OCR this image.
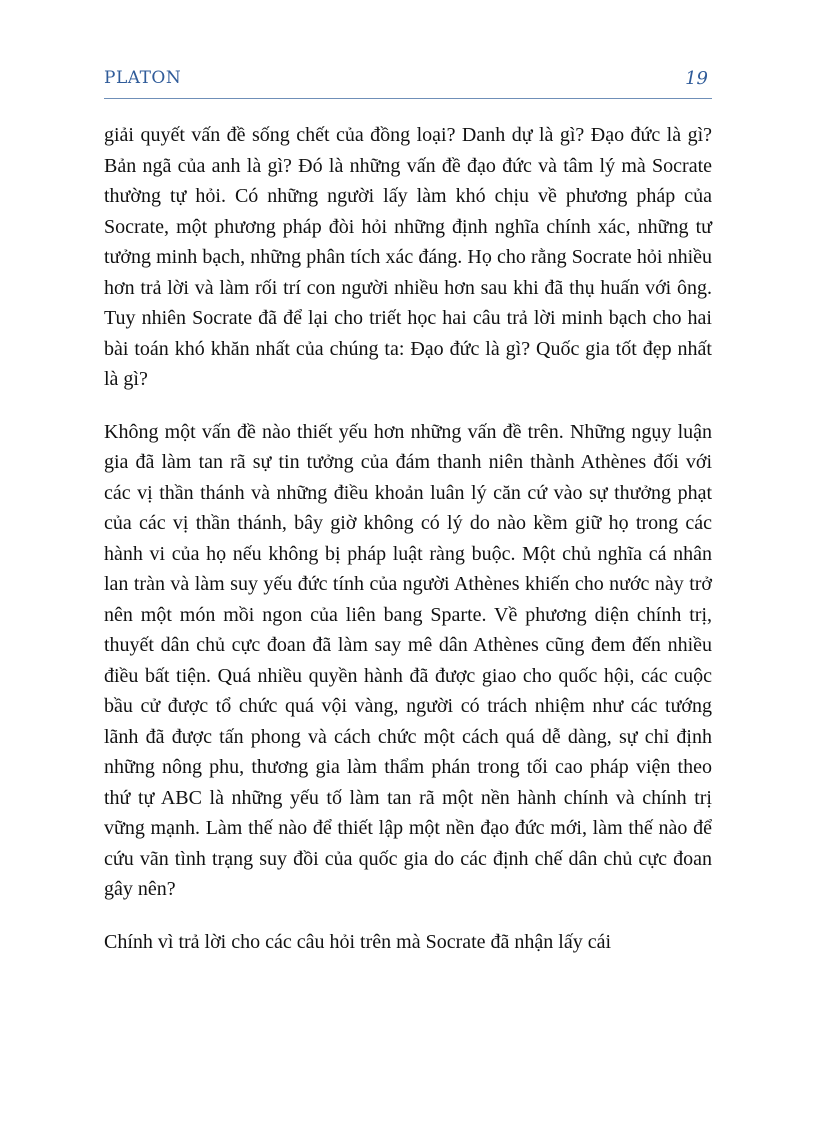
PLATON	19

giải quyết vấn đề sống chết của đồng loại? Danh dự là gì? Đạo đức là gì? Bản ngã của anh là gì? Đó là những vấn đề đạo đức và tâm lý mà Socrate thường tự hỏi. Có những người lấy làm khó chịu về phương pháp của Socrate, một phương pháp đòi hỏi những định nghĩa chính xác, những tư tưởng minh bạch, những phân tích xác đáng. Họ cho rằng Socrate hỏi nhiều hơn trả lời và làm rối trí con người nhiều hơn sau khi đã thụ huấn với ông. Tuy nhiên Socrate đã để lại cho triết học hai câu trả lời minh bạch cho hai bài toán khó khăn nhất của chúng ta: Đạo đức là gì? Quốc gia tốt đẹp nhất là gì?

Không một vấn đề nào thiết yếu hơn những vấn đề trên. Những ngụy luận gia đã làm tan rã sự tin tưởng của đám thanh niên thành Athènes đối với các vị thần thánh và những điều khoản luân lý căn cứ vào sự thưởng phạt của các vị thần thánh, bây giờ không có lý do nào kềm giữ họ trong các hành vi của họ nếu không bị pháp luật ràng buộc. Một chủ nghĩa cá nhân lan tràn và làm suy yếu đức tính của người Athènes khiến cho nước này trở nên một món mồi ngon của liên bang Sparte. Về phương diện chính trị, thuyết dân chủ cực đoan đã làm say mê dân Athènes cũng đem đến nhiều điều bất tiện. Quá nhiều quyền hành đã được giao cho quốc hội, các cuộc bầu cử được tổ chức quá vội vàng, người có trách nhiệm như các tướng lãnh đã được tấn phong và cách chức một cách quá dễ dàng, sự chỉ định những nông phu, thương gia làm thẩm phán trong tối cao pháp viện theo thứ tự ABC là những yếu tố làm tan rã một nền hành chính và chính trị vững mạnh. Làm thế nào để thiết lập một nền đạo đức mới, làm thế nào để cứu vãn tình trạng suy đồi của quốc gia do các định chế dân chủ cực đoan gây nên?

Chính vì trả lời cho các câu hỏi trên mà Socrate đã nhận lấy cái
